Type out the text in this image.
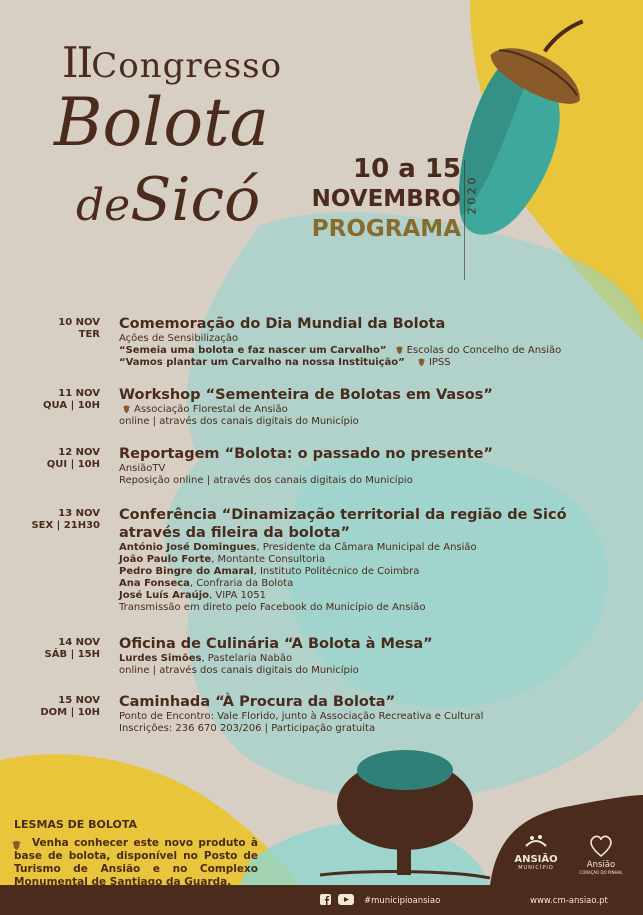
IICongresso
Bolota
deSicó	10 a 15
NOVEMBRO
PROGRAMA
2020
10 NOV
TER
Comemoração do Dia Mundial da Bolota
Ações de Sensibilização
“Semeia uma bolota e faz nascer um Carvalho” Escolas do Concelho de Ansião
“Vamos plantar um Carvalho na nossa Instituição” IPSS
11 NOV
QUA | 10H
Workshop “Sementeira de Bolotas em Vasos”
Associação Florestal de Ansião
online | através dos canais digitais do Município
12 NOV
QUI | 10H
Reportagem “Bolota: o passado no presente”
AnsiãoTV
Reposição online | através dos canais digitais do Município
13 NOV
SEX | 21H30
Conferência “Dinamização territorial da região de Sicó
através da fileira da bolota”
António José Domingues, Presidente da Câmara Municipal de Ansião
João Paulo Forte, Montante Consultoria
Pedro Bingre do Amaral, Instituto Politécnico de Coimbra
Ana Fonseca, Confraria da Bolota
José Luís Araújo, VIPA 1051
Transmissão em direto pelo Facebook do Município de Ansião
14 NOV
SÁB | 15H
Oficina de Culinária “A Bolota à Mesa”
Lurdes Simões, Pastelaria Nabão
online | através dos canais digitais do Município
15 NOV
DOM | 10H
Caminhada “À Procura da Bolota”
Ponto de Encontro: Vale Florido, junto à Associação Recreativa e Cultural
Inscrições: 236 670 203/206 | Participação gratuita
LESMAS DE BOLOTA
Venha conhecer este novo produto à base de bolota, disponível no Posto de Turismo de Ansião e no Complexo Monumental de Santiago da Guarda.
ANSIÃO
MUNICÍPIO	Ansião
CORAÇÃO DO PINHAL
#municipioansiao	www.cm-ansiao.pt
